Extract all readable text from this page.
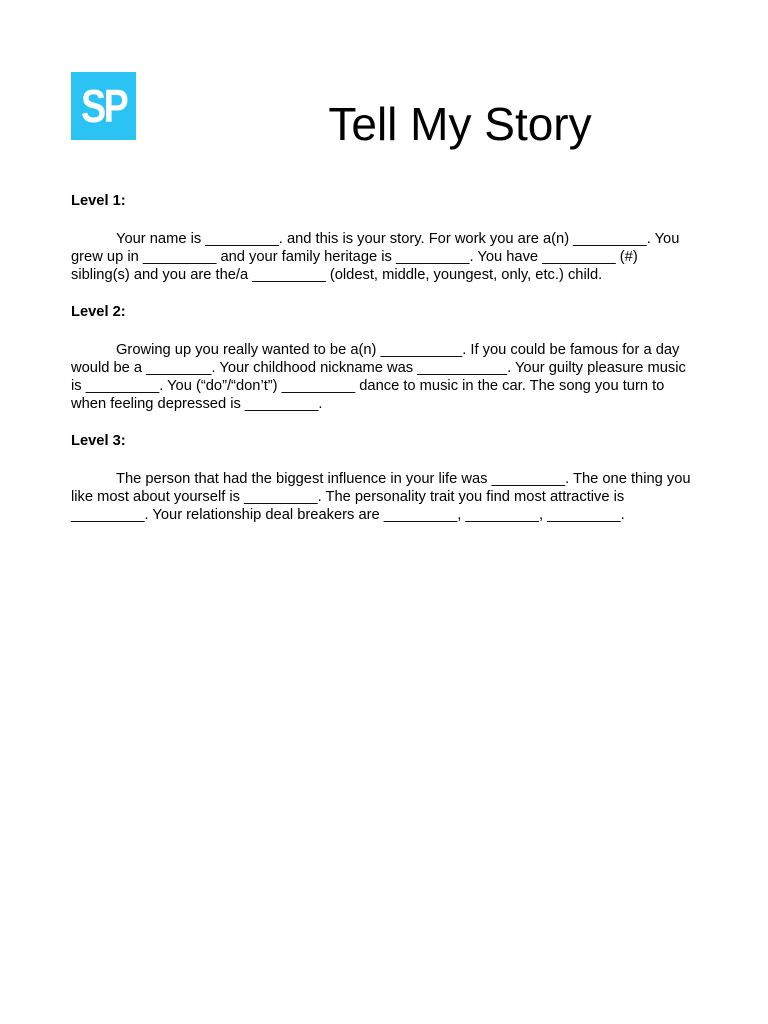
SP	Tell My Story

Level 1:

Your name is _________. and this is your story. For work you are a(n) _________. You grew up in _________ and your family heritage is _________. You have _________ (#) sibling(s) and you are the/a _________ (oldest, middle, youngest, only, etc.) child.

Level 2:

Growing up you really wanted to be a(n) __________. If you could be famous for a day would be a ________. Your childhood nickname was ___________. Your guilty pleasure music is _________. You (“do”/“don’t”) _________ dance to music in the car. The song you turn to when feeling depressed is _________.

Level 3:

The person that had the biggest influence in your life was _________. The one thing you like most about yourself is _________. The personality trait you find most attractive is _________. Your relationship deal breakers are _________, _________, _________.
